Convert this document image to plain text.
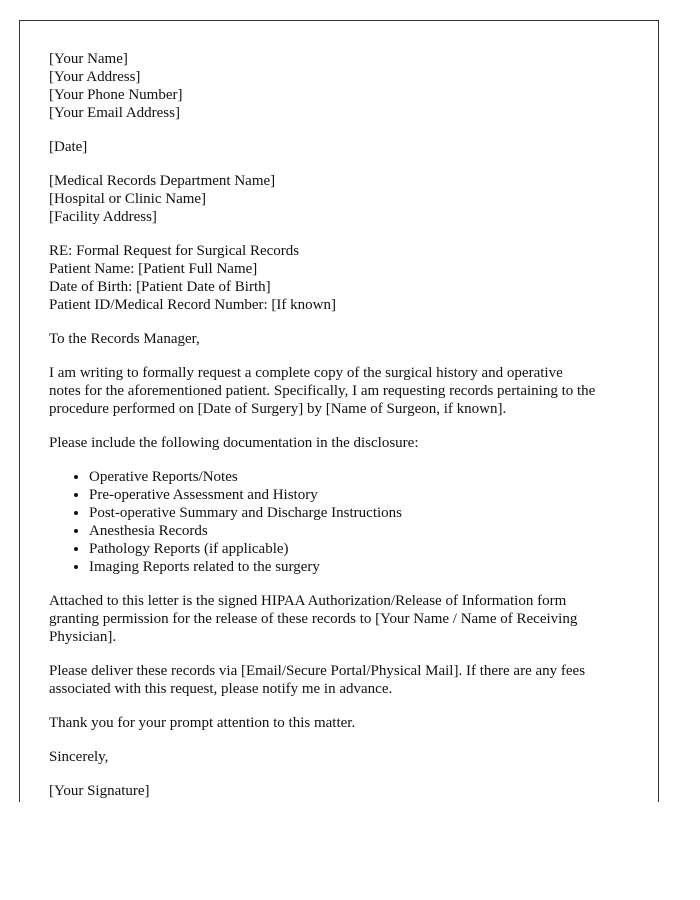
[Your Name]
[Your Address]
[Your Phone Number]
[Your Email Address]

[Date]

[Medical Records Department Name]
[Hospital or Clinic Name]
[Facility Address]

RE: Formal Request for Surgical Records
Patient Name: [Patient Full Name]
Date of Birth: [Patient Date of Birth]
Patient ID/Medical Record Number: [If known]

To the Records Manager,

I am writing to formally request a complete copy of the surgical history and operative
notes for the aforementioned patient. Specifically, I am requesting records pertaining to the
procedure performed on [Date of Surgery] by [Name of Surgeon, if known].

Please include the following documentation in the disclosure:

• Operative Reports/Notes
• Pre-operative Assessment and History
• Post-operative Summary and Discharge Instructions
• Anesthesia Records
• Pathology Reports (if applicable)
• Imaging Reports related to the surgery

Attached to this letter is the signed HIPAA Authorization/Release of Information form
granting permission for the release of these records to [Your Name / Name of Receiving
Physician].

Please deliver these records via [Email/Secure Portal/Physical Mail]. If there are any fees
associated with this request, please notify me in advance.

Thank you for your prompt attention to this matter.

Sincerely,

[Your Signature]
